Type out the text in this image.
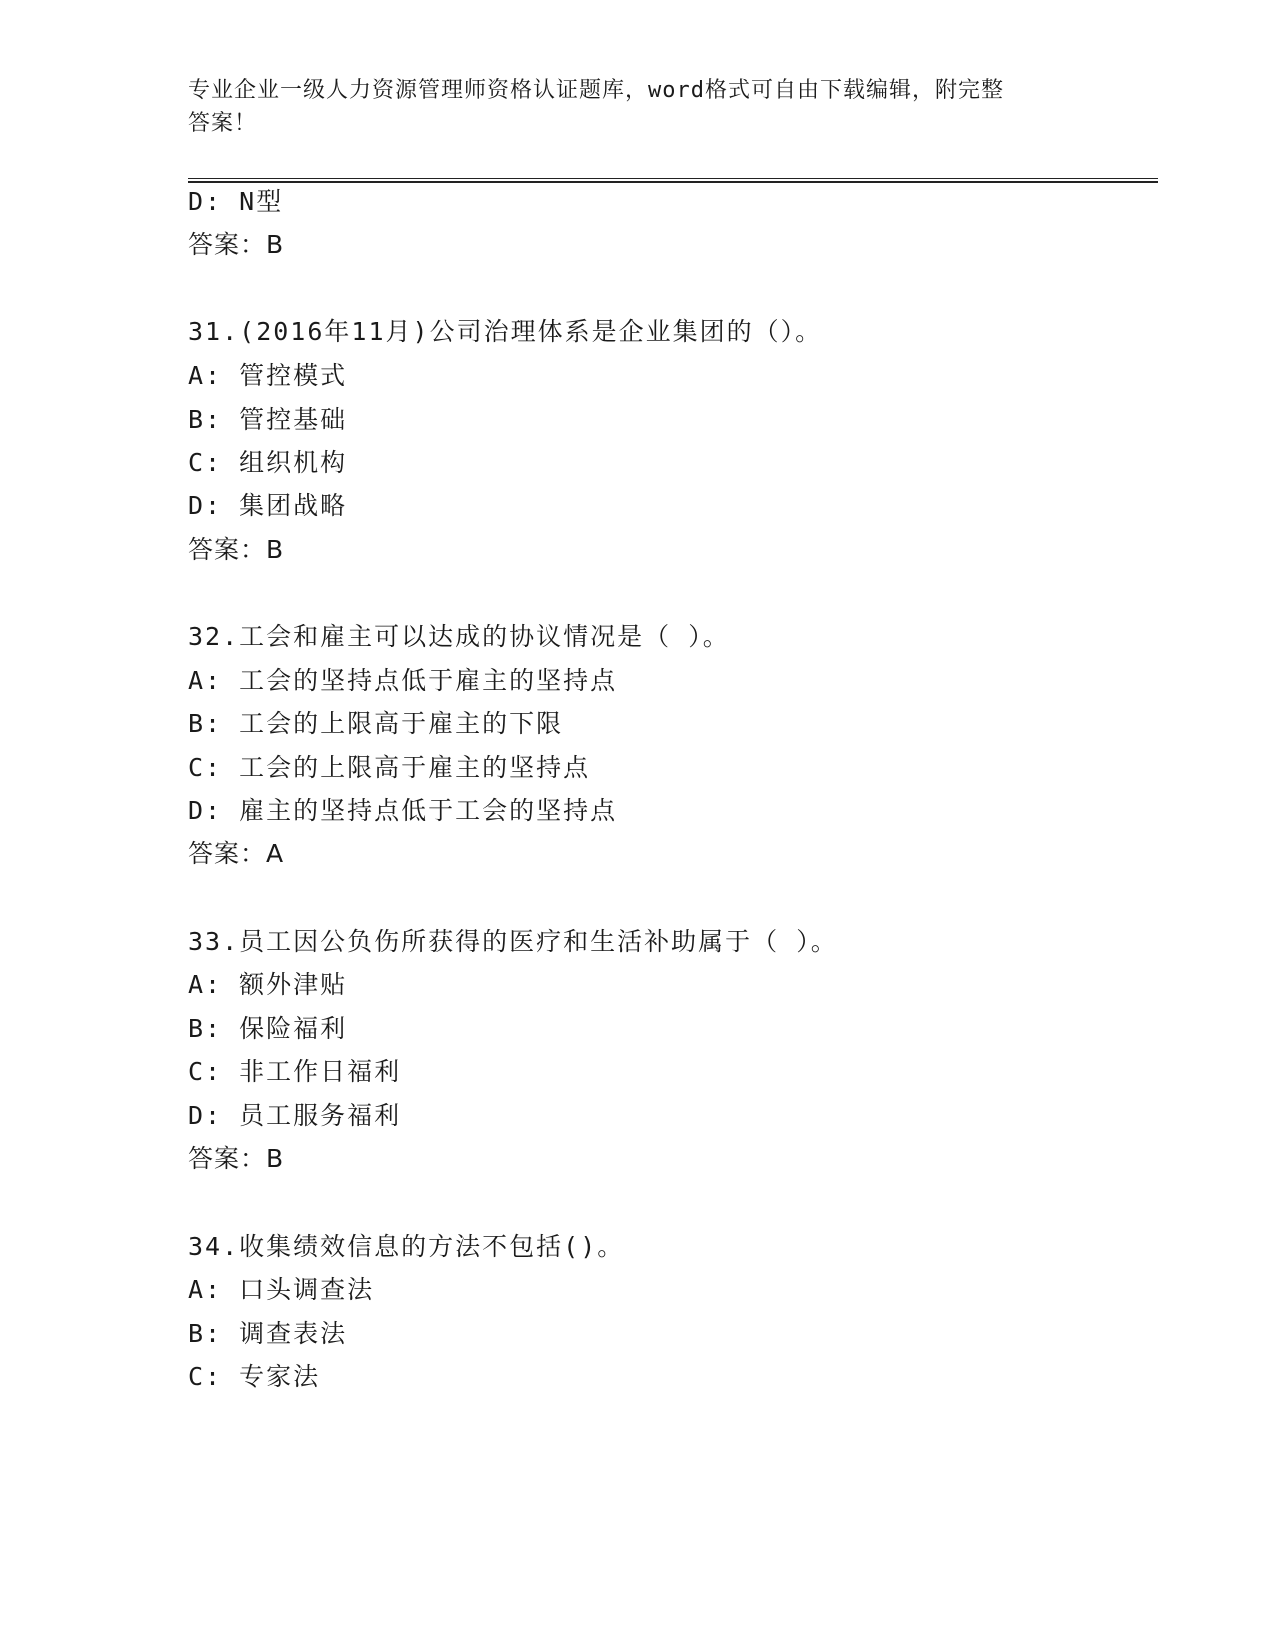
专业企业一级人力资源管理师资格认证题库，word格式可自由下载编辑，附完整
答案！
D: N型
答案：B
31.(2016年11月)公司治理体系是企业集团的（）。
A: 管控模式
B: 管控基础
C: 组织机构
D: 集团战略
答案：B
32.工会和雇主可以达成的协议情况是（ ）。
A: 工会的坚持点低于雇主的坚持点
B: 工会的上限高于雇主的下限
C: 工会的上限高于雇主的坚持点
D: 雇主的坚持点低于工会的坚持点
答案：A
33.员工因公负伤所获得的医疗和生活补助属于（ ）。
A: 额外津贴
B: 保险福利
C: 非工作日福利
D: 员工服务福利
答案：B
34.收集绩效信息的方法不包括()。
A: 口头调查法
B: 调查表法
C: 专家法
